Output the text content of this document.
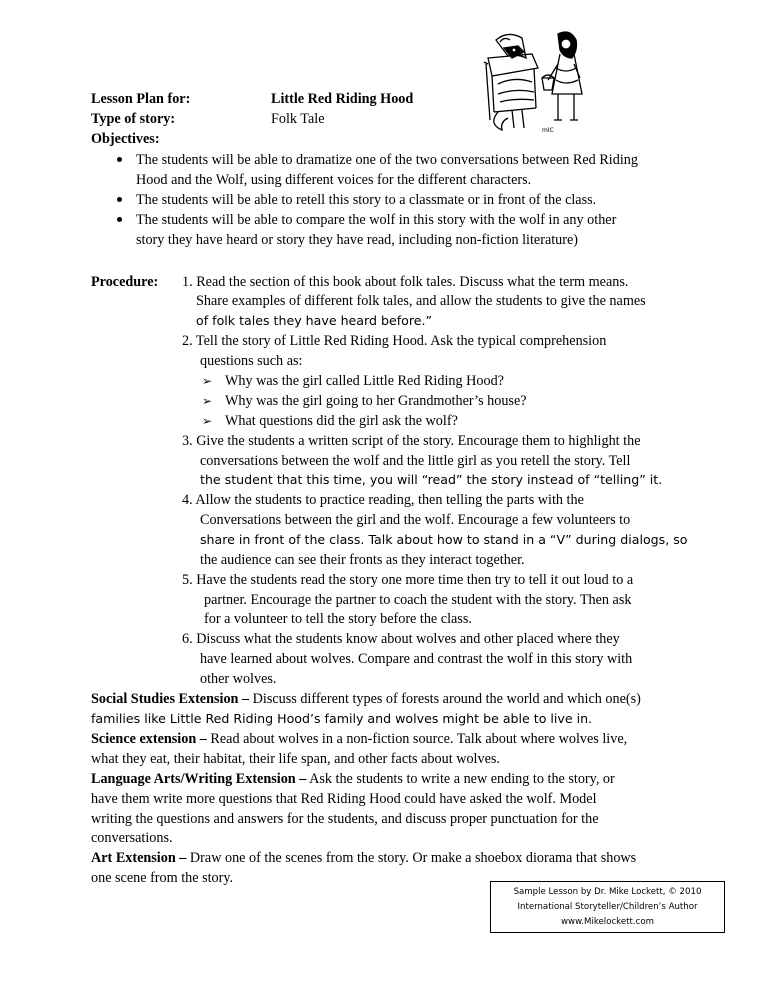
mIC
Lesson Plan for:	Little Red Riding Hood
Type of story:	Folk Tale
Objectives:
The students will be able to dramatize one of the two conversations between Red Riding
Hood and the Wolf, using different voices for the different characters.
The students will be able to retell this story to a classmate or in front of the class.
The students will be able to compare the wolf in this story with the wolf in any other
story they have heard or story they have read, including non-fiction literature)
Procedure: 1. Read the section of this book about folk tales. Discuss what the term means.
Share examples of different folk tales, and allow the students to give the names
of folk tales they have heard before.”
2. Tell the story of Little Red Riding Hood. Ask the typical comprehension
questions such as:
➢ Why was the girl called Little Red Riding Hood?
➢ Why was the girl going to her Grandmother’s house?
➢ What questions did the girl ask the wolf?
3. Give the students a written script of the story. Encourage them to highlight the
conversations between the wolf and the little girl as you retell the story. Tell
the student that this time, you will “read” the story instead of “telling” it.
4. Allow the students to practice reading, then telling the parts with the
Conversations between the girl and the wolf. Encourage a few volunteers to
share in front of the class. Talk about how to stand in a “V” during dialogs, so
the audience can see their fronts as they interact together.
5. Have the students read the story one more time then try to tell it out loud to a
partner. Encourage the partner to coach the student with the story. Then ask
for a volunteer to tell the story before the class.
6. Discuss what the students know about wolves and other placed where they
have learned about wolves. Compare and contrast the wolf in this story with
other wolves.
Social Studies Extension – Discuss different types of forests around the world and which one(s)
families like Little Red Riding Hood’s family and wolves might be able to live in.
Science extension – Read about wolves in a non-fiction source. Talk about where wolves live,
what they eat, their habitat, their life span, and other facts about wolves.
Language Arts/Writing Extension – Ask the students to write a new ending to the story, or
have them write more questions that Red Riding Hood could have asked the wolf. Model
writing the questions and answers for the students, and discuss proper punctuation for the
conversations.
Art Extension – Draw one of the scenes from the story. Or make a shoebox diorama that shows
one scene from the story.
Sample Lesson by Dr. Mike Lockett, © 2010
International Storyteller/Children’s Author
www.Mikelockett.com
